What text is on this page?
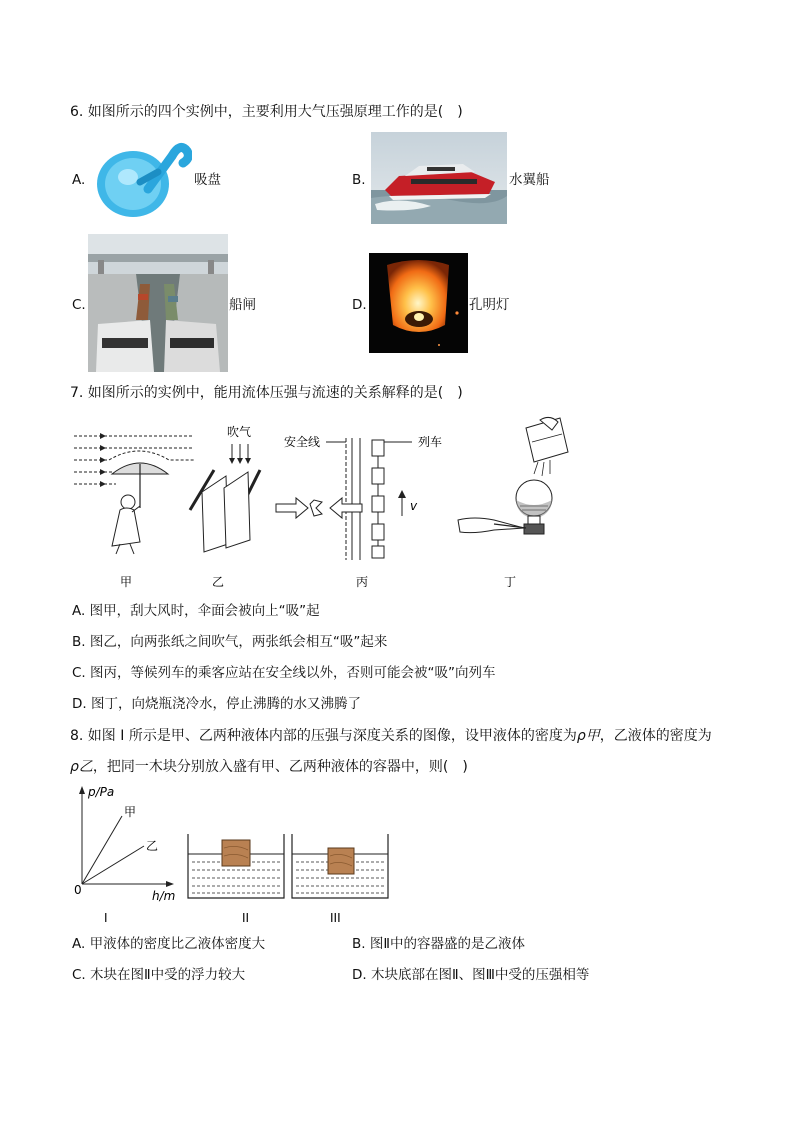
6. 如图所示的四个实例中，主要利用大气压强原理工作的是(　)
A.	吸盘	B.	水翼船
C.	船闸	D.	孔明灯
7. 如图所示的实例中，能用流体压强与流速的关系解释的是(　)
甲
吹气
乙
安全线	列车
v
丙	丁
A. 图甲，刮大风时，伞面会被向上“吸”起
B. 图乙，向两张纸之间吹气，两张纸会相互“吸”起来
C. 图丙，等候列车的乘客应站在安全线以外，否则可能会被“吸”向列车
D. 图丁，向烧瓶浇冷水，停止沸腾的水又沸腾了
8. 如图 I 所示是甲、乙两种液体内部的压强与深度关系的图像，设甲液体的密度为ρ甲，乙液体的密度为
ρ乙，把同一木块分别放入盛有甲、乙两种液体的容器中，则(　)
p/Pa
h/m
0
甲
乙
I	II	III
A. 甲液体的密度比乙液体密度大	B. 图Ⅱ中的容器盛的是乙液体
C. 木块在图Ⅱ中受的浮力较大	D. 木块底部在图Ⅱ、图Ⅲ中受的压强相等
